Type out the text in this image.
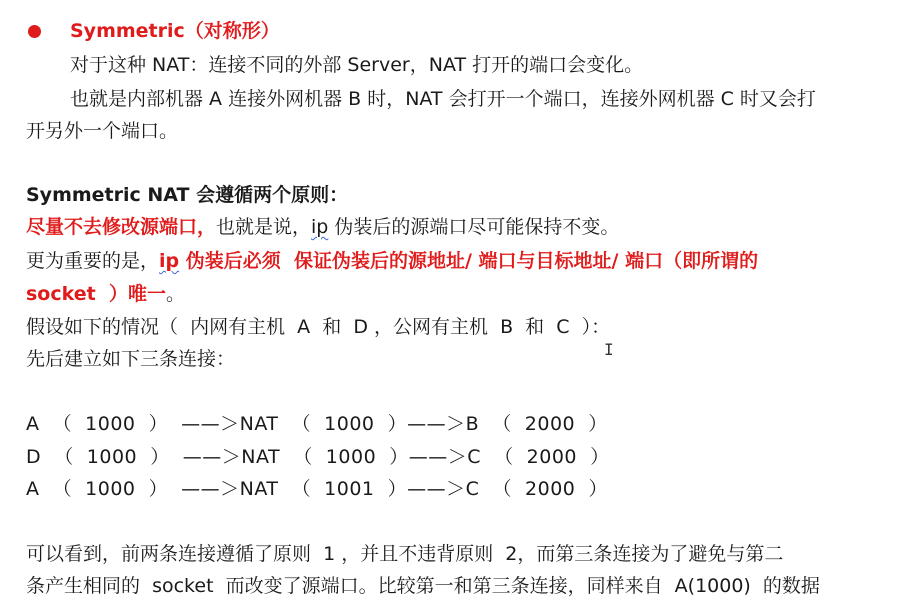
Symmetric（对称形）
对于这种 NAT：连接不同的外部 Server，NAT 打开的端口会变化。
也就是内部机器 A 连接外网机器 B 时，NAT 会打开一个端口，连接外网机器 C 时又会打
开另外一个端口。
Symmetric NAT 会遵循两个原则：
尽量不去修改源端口，也就是说，ip 伪装后的源端口尽可能保持不变。
更为重要的是，ip 伪装后必须  保证伪装后的源地址/ 端口与目标地址/ 端口（即所谓的
socket  ）唯一。
假设如下的情况（  内网有主机  A  和  D ，公网有主机  B  和  C  ）：
先后建立如下三条连接：	I
A  （  1000  ）  ——＞NAT  （  1000  ）——＞B  （  2000  ）
D  （  1000  ）  ——＞NAT  （  1000  ）——＞C  （  2000  ）
A  （  1000  ）  ——＞NAT  （  1001  ）——＞C  （  2000  ）
可以看到，前两条连接遵循了原则  1 ，并且不违背原则  2，而第三条连接为了避免与第二
条产生相同的  socket  而改变了源端口。比较第一和第三条连接，同样来自  A(1000)  的数据
